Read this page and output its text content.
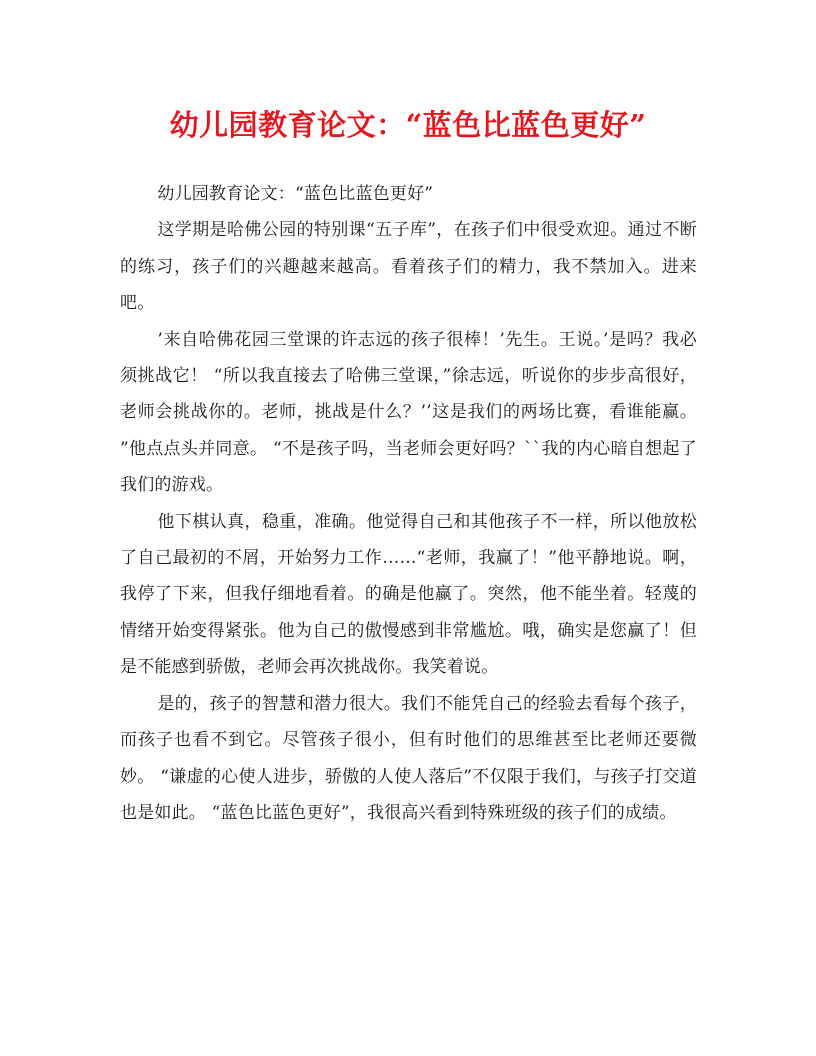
幼儿园教育论文：“蓝色比蓝色更好”

幼儿园教育论文：“蓝色比蓝色更好”

这学期是哈佛公园的特别课“五子库”，在孩子们中很受欢迎。通过不断的练习，孩子们的兴趣越来越高。看着孩子们的精力，我不禁加入。进来吧。

’来自哈佛花园三堂课的许志远的孩子很棒！’先生。王说。’是吗？我必须挑战它！ “所以我直接去了哈佛三堂课，”徐志远，听说你的步步高很好，老师会挑战你的。老师，挑战是什么？’’这是我们的两场比赛，看谁能赢。 ”他点点头并同意。 “不是孩子吗，当老师会更好吗？``我的内心暗自想起了我们的游戏。

他下棋认真，稳重，准确。他觉得自己和其他孩子不一样，所以他放松了自己最初的不屑，开始努力工作……“老师，我赢了！”他平静地说。啊，我停了下来，但我仔细地看着。的确是他赢了。突然，他不能坐着。轻蔑的情绪开始变得紧张。他为自己的傲慢感到非常尴尬。哦，确实是您赢了！但是不能感到骄傲，老师会再次挑战你。我笑着说。

是的，孩子的智慧和潜力很大。我们不能凭自己的经验去看每个孩子，而孩子也看不到它。尽管孩子很小，但有时他们的思维甚至比老师还要微妙。 “谦虚的心使人进步，骄傲的人使人落后”不仅限于我们，与孩子打交道也是如此。 “蓝色比蓝色更好”，我很高兴看到特殊班级的孩子们的成绩。
